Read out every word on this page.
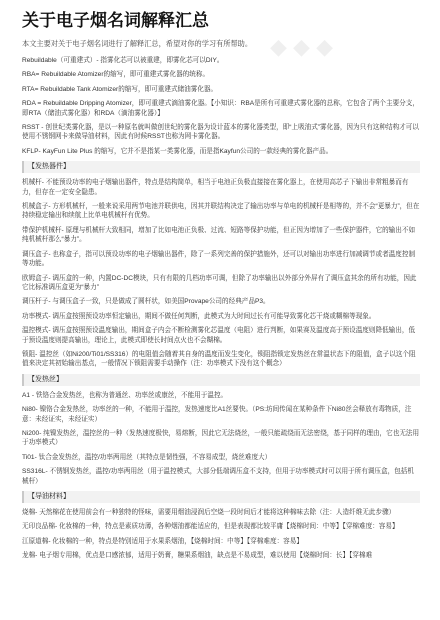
◆ ◆ ◆
关于电子烟名词解释汇总

本文主要对关于电子烟名词进行了解释汇总，希望对你的学习有所帮助。

Rebuildable（可重建式）- 指雾化芯可以被重建，即雾化芯可以DIY。

RBA= Rebuildable Atomizer的缩写，即可重建式雾化器的统称。

RTA= Rebuildable Tank Atomizer的缩写，即可重建式储油雾化器。

RDA = Rebuildable Dripping Atomizer，即可重建式滴油雾化器。【小知识：RBA是所有可重建式雾化器的总称，它包含了两个主要分支，即RTA（储油式雾化器）和RDA（滴油雾化器）】

RSST - 创世纪类雾化器，是以一种原名就叫做创世纪的雾化器为设计蓝本的雾化器类型，即“上吸油式”雾化器，因为只有这种结构才可以使用不锈钢网卡来做导油材料，因此有时候RSST也称为网卡雾化器。

KFLP- KayFun Lite Plus 的缩写，它并不是指某一类雾化器，而是指Kayfun公司的一款经典的雾化器产品。

【发热器件】

机械杆- 不能预设功率的电子烟输出器件，特点是结构简单，相当于电池正负极直接接在雾化器上，在使用高芯子下输出非常粗暴而有力，但存在一定安全隐患。

机械盒子- 方形机械杆，一般来说采用两节电池并联供电，因其并联结构决定了输出功率与单电的机械杆是相等的，并不会“更暴力”，但在持续稳定输出和续航上比单电机械杆有优势。

带保护机械杆- 原理与机械杆大致相同，增加了比如电池正负极、过流、短路等保护功能，但正因为增加了一些保护器件，它的输出不如纯机械杆那么“暴力”。

调压盒子- 也称盒子，指可以预设功率的电子烟输出器件，除了一系列完善的保护措施外，还可以对输出功率进行加减调节或者温度控制等功能。

欧姆盒子- 调压盒的一种，内置DC-DC模块，只有有限的几档功率可调，但除了功率输出以外部分外屏有了调压盒其余的所有功能，因此它比标准调压盒更为“暴力”

调压杆子- 与调压盒子一致，只是做成了圆杆状，如美国Provape公司的经典产品P3。

功率模式- 调压盒按照预设功率恒定输出，期间不做任何判断，此模式为大时间过长有可能导致雾化芯干烧或糊棉等现象。

温控模式- 调压盒按照预设温度输出，期间盒子内会不断检测雾化芯温度（电阻）进行判断，如果赛及温度高于预设温度则降低输出，低于预设温度则提高输出，理论上，此模式即使长时间点火也不会糊棉。

锁阻- 温控丝（如Ni200/Ti01/SS316）的电阻值会随着其自身的温度而发生变化，锁阻指锁定发热丝在常温状态下的阻值，盒子以这个阻值来决定其初始输出基点，一般情况下锁阻需要手动操作（注：功率模式下没有这个概念）

【发热丝】

A1 - 铁铬合金发热丝，也称为普通丝、功率丝或康丝，不能用于温控。

Ni80- 镍铬合金发热丝，功率丝的一种，不能用于温控，发热速度比A1丝要快。（PS:坊间传闻在某种条件下Ni80丝会释放有毒物质，注意：未经证实，未经证实）

Ni200- 纯镍发热丝，温控丝的一种（发热速度极快，易熔断，因此它无法烧丝，一般只能疏绕而无法密绕，基于同样的理由，它也无法用于功率模式）

Ti01- 钛合金发热丝，温控/功率两用丝（其特点是韧性强，不容易成型，烧丝难度大）

SS316L- 不锈钢发热丝，温控/功率两用丝（用于温控模式，大部分低端调压盒不支持，但用于功率模式时可以用于所有调压盒，包括机械杆）

【导油材料】

烧棉- 天然棉花在使用前会有一种独特的怪味，需要用烟油浸润后空烧一段时间后才能将这种棉味去除（注：人造纤维无此步骤）

无印良品棉- 化妆棉的一种，特点是素质功薄，各种烟油都能适应的，但是表现都比较平庸【烧棉时间：中等】【穿棉难度：容易】

江原道棉- 化妆棉的一种，特点是特别适用于水果系烟油，【烧棉时间：中等】【穿棉难度：容易】

龙棉- 电子烟专用棉，优点是口感浓郁，适用于奶膏，糖果系烟油，缺点是不易成型，难以使用【烧棉时间：长】【穿棉难
